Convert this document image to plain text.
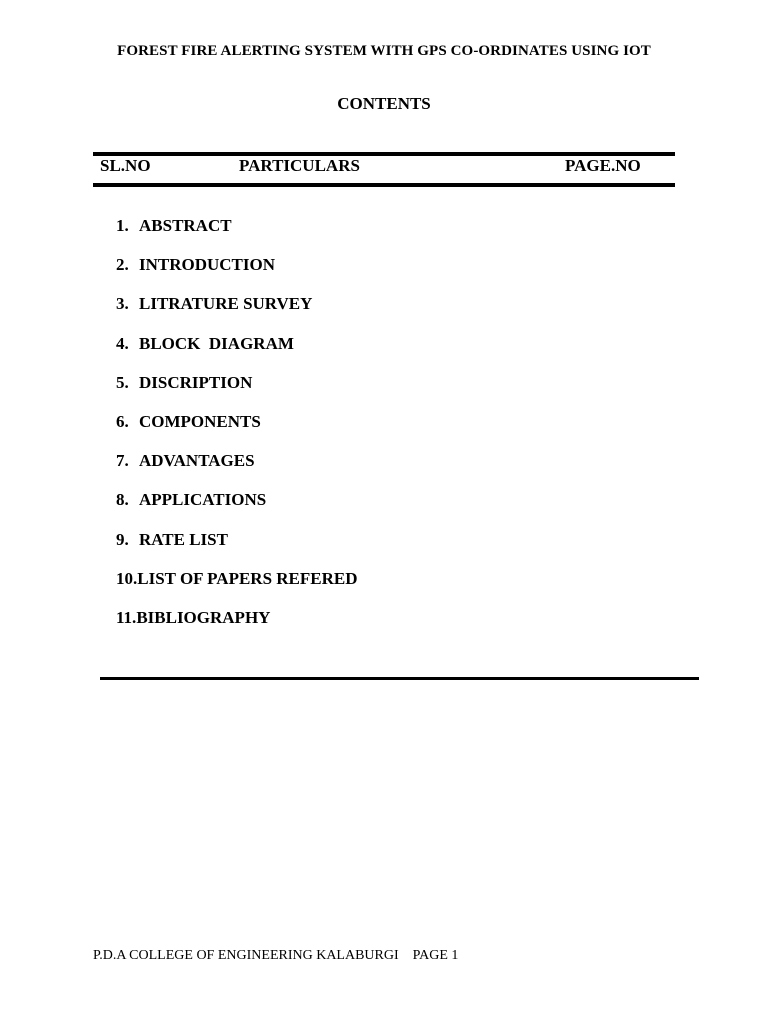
FOREST FIRE ALERTING SYSTEM WITH GPS CO-ORDINATES USING IOT
CONTENTS
SL.NO	PARTICULARS	PAGE.NO
1. ABSTRACT
2. INTRODUCTION
3. LITRATURE SURVEY
4. BLOCK  DIAGRAM
5. DISCRIPTION
6. COMPONENTS
7. ADVANTAGES
8. APPLICATIONS
9. RATE LIST
10.LIST OF PAPERS REFERED
11.BIBLIOGRAPHY
P.D.A COLLEGE OF ENGINEERING KALABURGI    PAGE 1
